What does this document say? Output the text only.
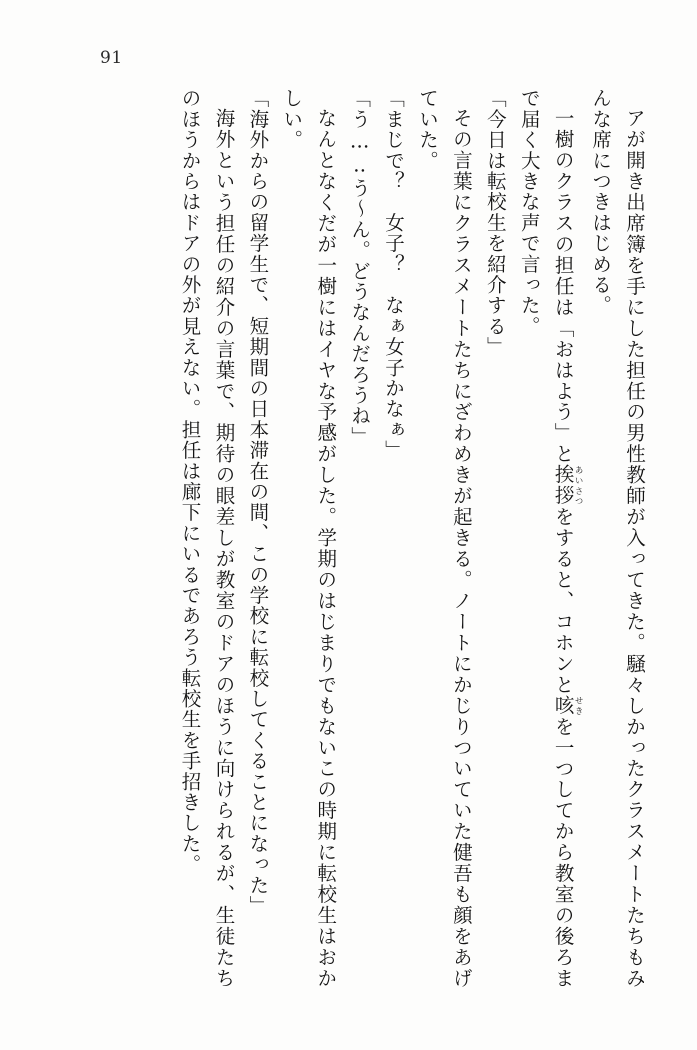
91

アが開き出席簿を手にした担任の男性教師が入ってきた。騒々しかったクラスメートたちもみんな席につきはじめる。

一樹のクラスの担任は「おはよう」と挨拶あいさつをすると、コホンと咳せきを一つしてから教室の後ろまで届く大きな声で言った。

「今日は転校生を紹介する」

その言葉にクラスメートたちにざわめきが起きる。ノートにかじりついていた健吾も顔をあげていた。

「まじで？　女子？　なぁ女子かなぁ」

「う…‥う～ん。どうなんだろうね」

なんとなくだが一樹にはイヤな予感がした。学期のはじまりでもないこの時期に転校生はおかしい。

「海外からの留学生で、短期間の日本滞在の間、この学校に転校してくることになった」

海外という担任の紹介の言葉で、期待の眼差しが教室のドアのほうに向けられるが、生徒たちのほうからはドアの外が見えない。担任は廊下にいるであろう転校生を手招きした。
